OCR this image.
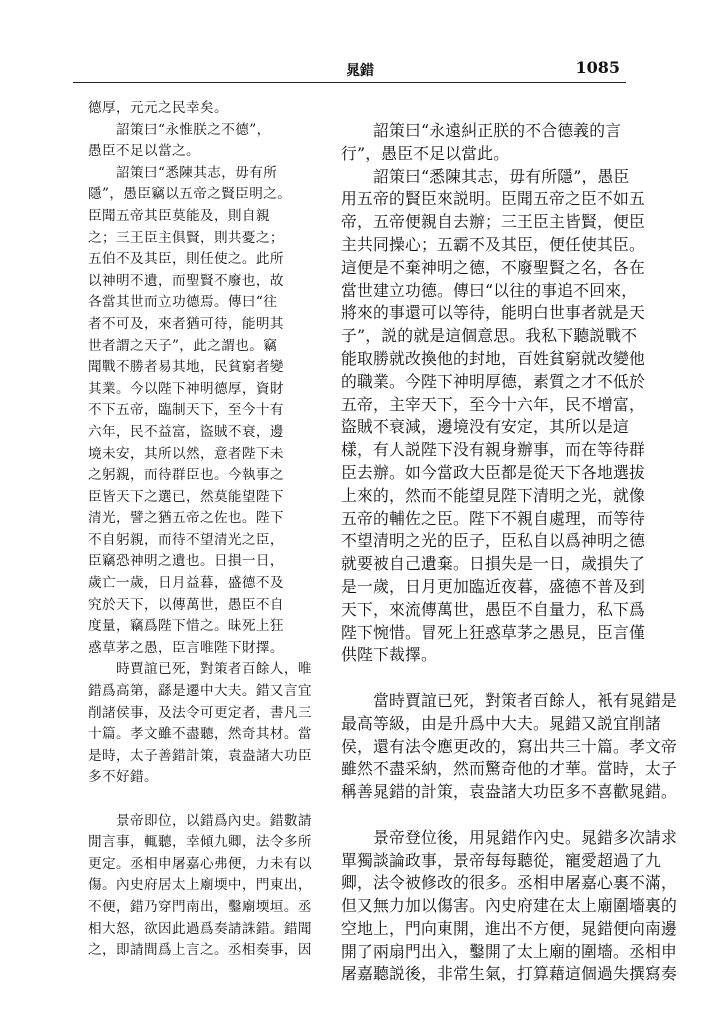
晁錯	1085

德厚，元元之民幸矣。

　　詔策曰“永惟朕之不德”，

愚臣不足以當之。

　　詔策曰“悉陳其志，毋有所

隱”，愚臣竊以五帝之賢臣明之。

臣聞五帝其臣莫能及，則自親

之；三王臣主俱賢，則共憂之；

五伯不及其臣，則任使之。此所

以神明不遺，而聖賢不廢也，故

各當其世而立功德焉。傳曰“往

者不可及，來者猶可待，能明其

世者謂之天子”，此之謂也。竊

聞戰不勝者易其地，民貧窮者變

其業。今以陛下神明德厚，資財

不下五帝，臨制天下，至今十有

六年，民不益富，盜賊不衰，邊

境未安，其所以然，意者陛下未

之躬親，而待群臣也。今執事之

臣皆天下之選已，然莫能望陛下

清光，譬之猶五帝之佐也。陛下

不自躬親，而待不望清光之臣，

臣竊恐神明之遺也。日損一日，

歲亡一歲，日月益暮，盛德不及

究於天下，以傳萬世，愚臣不自

度量，竊爲陛下惜之。昧死上狂

惑草茅之愚，臣言唯陛下財擇。

　　時賈誼已死，對策者百餘人，唯

錯爲高第，繇是遷中大夫。錯又言宜

削諸侯事，及法令可更定者，書凡三

十篇。孝文雖不盡聽，然奇其材。當

是時，太子善錯計策，袁盎諸大功臣

多不好錯。

　　景帝即位，以錯爲內史。錯數請

閒言事，輒聽，幸傾九卿，法令多所

更定。丞相申屠嘉心弗便，力未有以

傷。內史府居太上廟堧中，門東出，

不便，錯乃穿門南出，鑿廟堧垣。丞

相大怒，欲因此過爲奏請誅錯。錯聞

之，即請間爲上言之。丞相奏事，因

　　詔策曰“永遠糾正朕的不合德義的言

行”，愚臣不足以當此。

　　詔策曰“悉陳其志，毋有所隱”，愚臣

用五帝的賢臣來説明。臣聞五帝之臣不如五

帝，五帝便親自去辦；三王臣主皆賢，便臣

主共同操心；五霸不及其臣，便任使其臣。

這便是不棄神明之德，不廢聖賢之名，各在

當世建立功德。傳曰“以往的事追不回來，

將來的事還可以等待，能明白世事者就是天

子”，説的就是這個意思。我私下聽説戰不

能取勝就改換他的封地，百姓貧窮就改變他

的職業。今陛下神明厚德，素質之才不低於

五帝，主宰天下，至今十六年，民不增富，

盜賊不衰減，邊境没有安定，其所以是這

樣，有人説陛下没有親身辦事，而在等待群

臣去辦。如今當政大臣都是從天下各地選拔

上來的，然而不能望見陛下清明之光，就像

五帝的輔佐之臣。陛下不親自處理，而等待

不望清明之光的臣子，臣私自以爲神明之德

就要被自己遺棄。日損失是一日，歲損失了

是一歲，日月更加臨近夜暮，盛德不普及到

天下，來流傳萬世，愚臣不自量力，私下爲

陛下惋惜。冒死上狂惑草茅之愚見，臣言僅

供陛下裁擇。

　　當時賈誼已死，對策者百餘人，衹有晁錯是

最高等級，由是升爲中大夫。晁錯又説宜削諸

侯，還有法令應更改的，寫出共三十篇。孝文帝

雖然不盡采納，然而驚奇他的才華。當時，太子

稱善晁錯的計策，袁盎諸大功臣多不喜歡晁錯。

　　景帝登位後，用晁錯作內史。晁錯多次請求

單獨談論政事，景帝每每聽從，寵愛超過了九

卿，法令被修改的很多。丞相申屠嘉心裏不滿，

但又無力加以傷害。內史府建在太上廟圍墻裏的

空地上，門向東開，進出不方便，晁錯便向南邊

開了兩扇門出入，鑿開了太上廟的圍墻。丞相申

屠嘉聽説後，非常生氣，打算藉這個過失撰寫奏
